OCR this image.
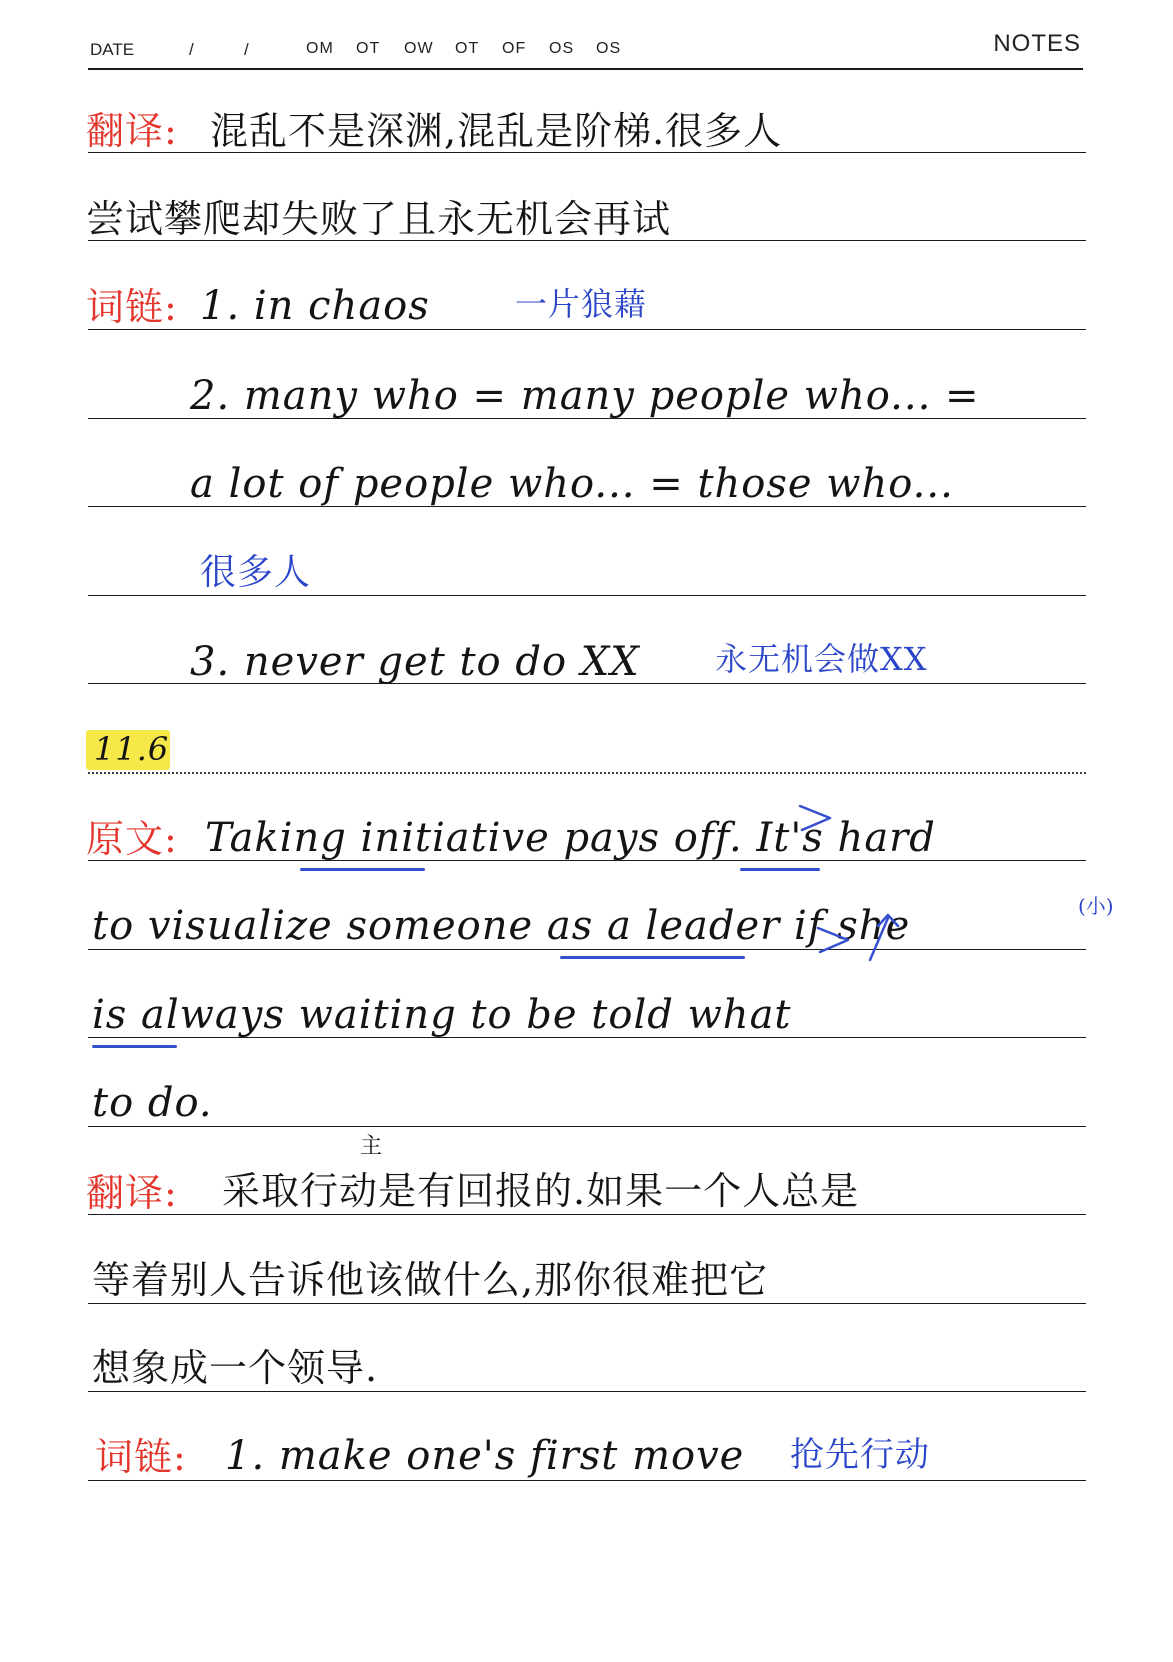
DATE	/	/	OM OT OW OT OF OS OS	NOTES
翻译: 混乱不是深渊,混乱是阶梯.很多人
尝试攀爬却失败了且永无机会再试
词链: 1. in chaos	一片狼藉
2. many who = many people who... =
a lot of people who... = those who...
很多人
3. never get to do XX 永无机会做XX
11.6
原文: Taking initiative pays off. It's hard
to visualize someone as a leader if she	(小)
is always waiting to be told what
to do.
翻译:
主
采取行动是有回报的.如果一个人总是
等着别人告诉他该做什么,那你很难把它
想象成一个领导.
词链: 1. make one's first move 抢先行动
